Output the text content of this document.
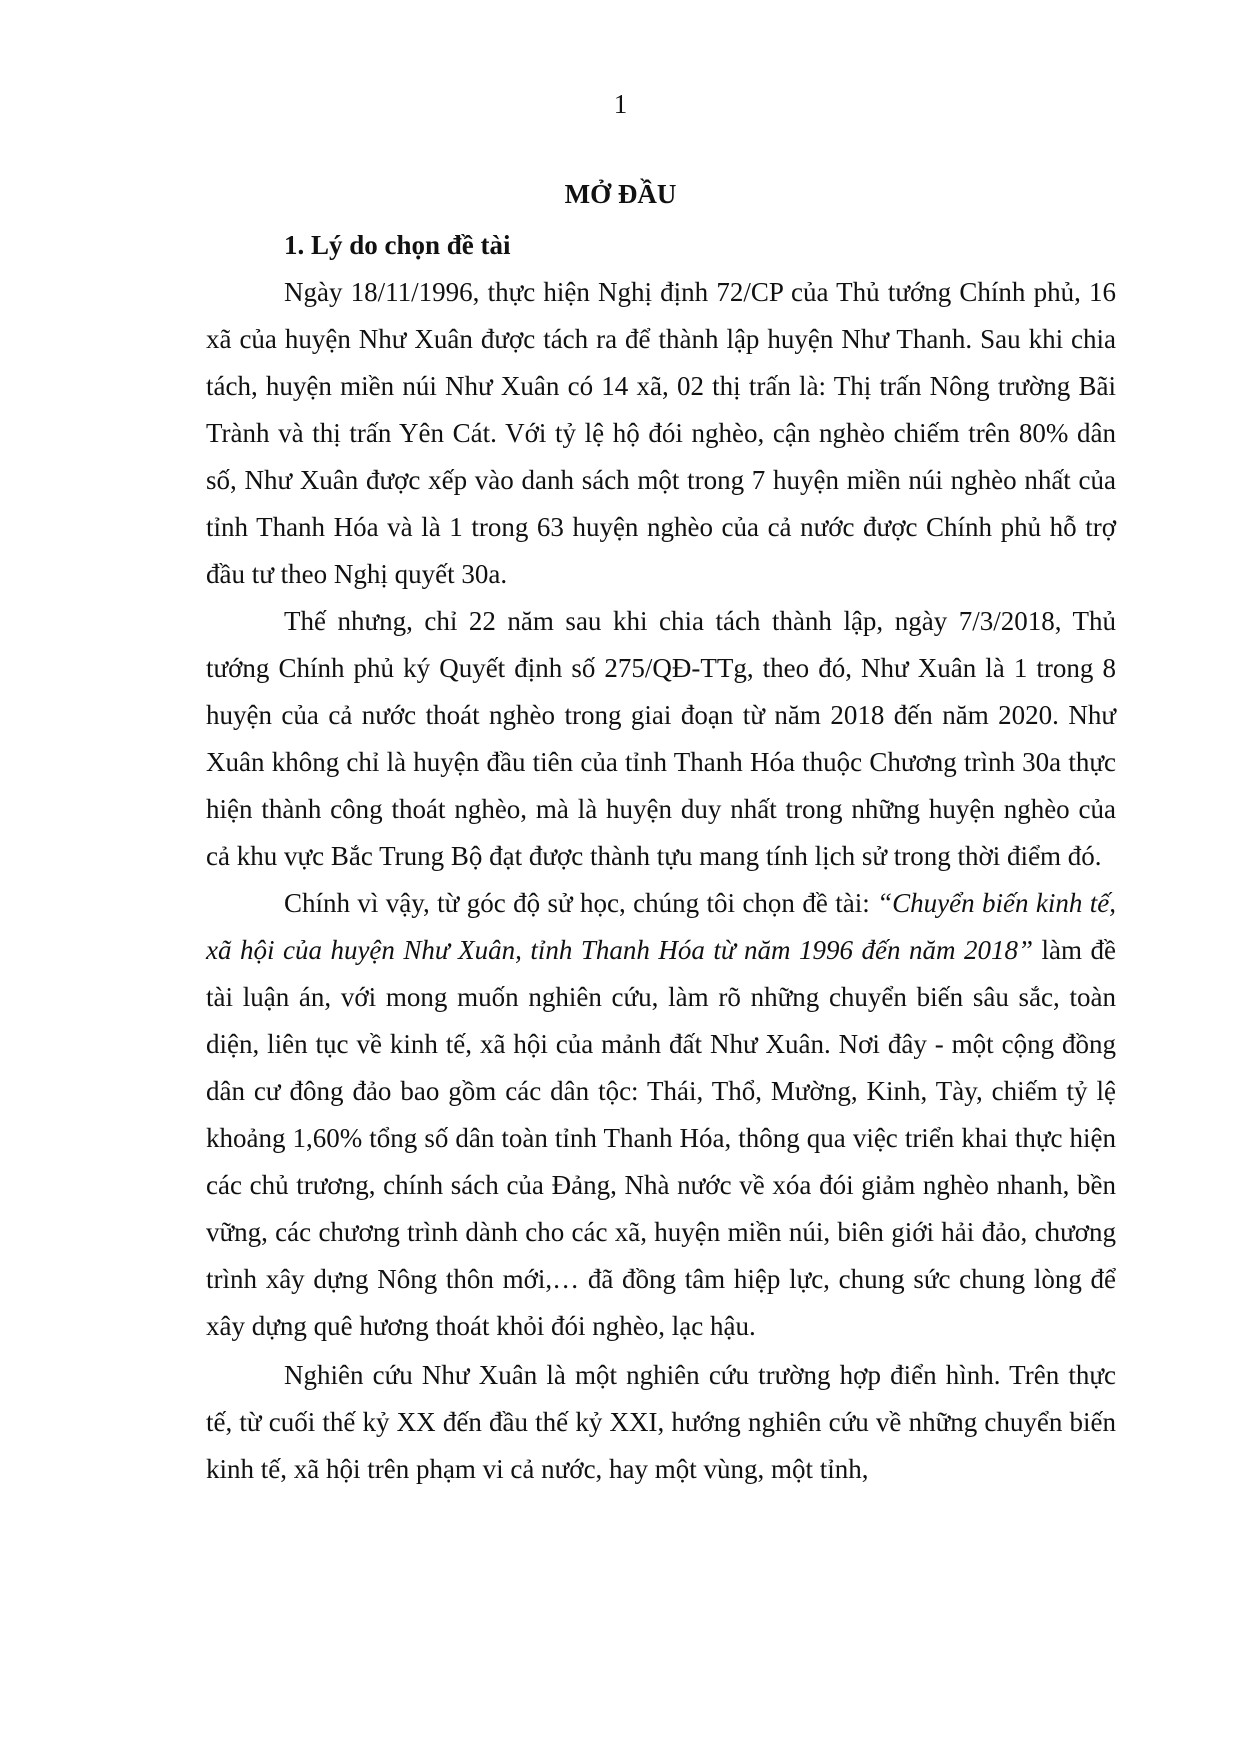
1

MỞ ĐẦU
1. Lý do chọn đề tài

Ngày 18/11/1996, thực hiện Nghị định 72/CP của Thủ tướng Chính phủ, 16 xã của huyện Như Xuân được tách ra để thành lập huyện Như Thanh. Sau khi chia tách, huyện miền núi Như Xuân có 14 xã, 02 thị trấn là: Thị trấn Nông trường Bãi Trành và thị trấn Yên Cát. Với tỷ lệ hộ đói nghèo, cận nghèo chiếm trên 80% dân số, Như Xuân được xếp vào danh sách một trong 7 huyện miền núi nghèo nhất của tỉnh Thanh Hóa và là 1 trong 63 huyện nghèo của cả nước được Chính phủ hỗ trợ đầu tư theo Nghị quyết 30a.

Thế nhưng, chỉ 22 năm sau khi chia tách thành lập, ngày 7/3/2018, Thủ tướng Chính phủ ký Quyết định số 275/QĐ-TTg, theo đó, Như Xuân là 1 trong 8 huyện của cả nước thoát nghèo trong giai đoạn từ năm 2018 đến năm 2020. Như Xuân không chỉ là huyện đầu tiên của tỉnh Thanh Hóa thuộc Chương trình 30a thực hiện thành công thoát nghèo, mà là huyện duy nhất trong những huyện nghèo của cả khu vực Bắc Trung Bộ đạt được thành tựu mang tính lịch sử trong thời điểm đó.

Chính vì vậy, từ góc độ sử học, chúng tôi chọn đề tài: “Chuyển biến kinh tế, xã hội của huyện Như Xuân, tỉnh Thanh Hóa từ năm 1996 đến năm 2018” làm đề tài luận án, với mong muốn nghiên cứu, làm rõ những chuyển biến sâu sắc, toàn diện, liên tục về kinh tế, xã hội của mảnh đất Như Xuân. Nơi đây - một cộng đồng dân cư đông đảo bao gồm các dân tộc: Thái, Thổ, Mường, Kinh, Tày, chiếm tỷ lệ khoảng 1,60% tổng số dân toàn tỉnh Thanh Hóa, thông qua việc triển khai thực hiện các chủ trương, chính sách của Đảng, Nhà nước về xóa đói giảm nghèo nhanh, bền vững, các chương trình dành cho các xã, huyện miền núi, biên giới hải đảo, chương trình xây dựng Nông thôn mới,… đã đồng tâm hiệp lực, chung sức chung lòng để xây dựng quê hương thoát khỏi đói nghèo, lạc hậu.

Nghiên cứu Như Xuân là một nghiên cứu trường hợp điển hình. Trên thực tế, từ cuối thế kỷ XX đến đầu thế kỷ XXI, hướng nghiên cứu về những chuyển biến kinh tế, xã hội trên phạm vi cả nước, hay một vùng, một tỉnh,
